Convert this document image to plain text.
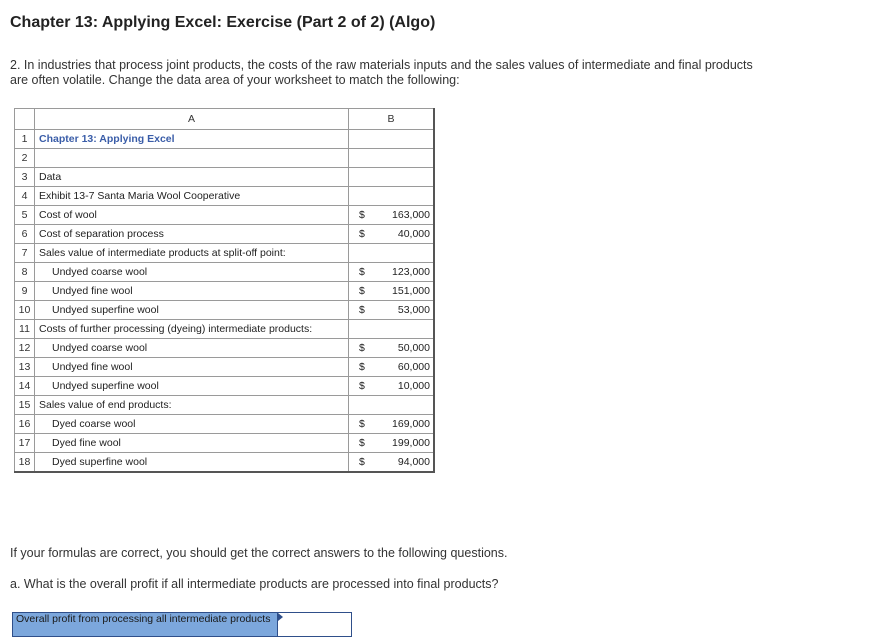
Chapter 13: Applying Excel: Exercise (Part 2 of 2) (Algo)
2. In industries that process joint products, the costs of the raw materials inputs and the sales values of intermediate and final products
are often volatile. Change the data area of your worksheet to match the following:
	A	B
1	Chapter 13: Applying Excel	

2		

3	Data	

4	Exhibit 13-7 Santa Maria Wool Cooperative	

5	Cost of wool	$ 163,000

6	Cost of separation process	$ 40,000

7	Sales value of intermediate products at split-off point:	

8	Undyed coarse wool	$ 123,000

9	Undyed fine wool	$ 151,000

10	Undyed superfine wool	$ 53,000

11	Costs of further processing (dyeing) intermediate products:	

12	Undyed coarse wool	$ 50,000

13	Undyed fine wool	$ 60,000

14	Undyed superfine wool	$ 10,000

15	Sales value of end products:	

16	Dyed coarse wool	$ 169,000

17	Dyed fine wool	$ 199,000

18	Dyed superfine wool	$ 94,000
If your formulas are correct, you should get the correct answers to the following questions.
a. What is the overall profit if all intermediate products are processed into final products?
Overall profit from processing all intermediate products
